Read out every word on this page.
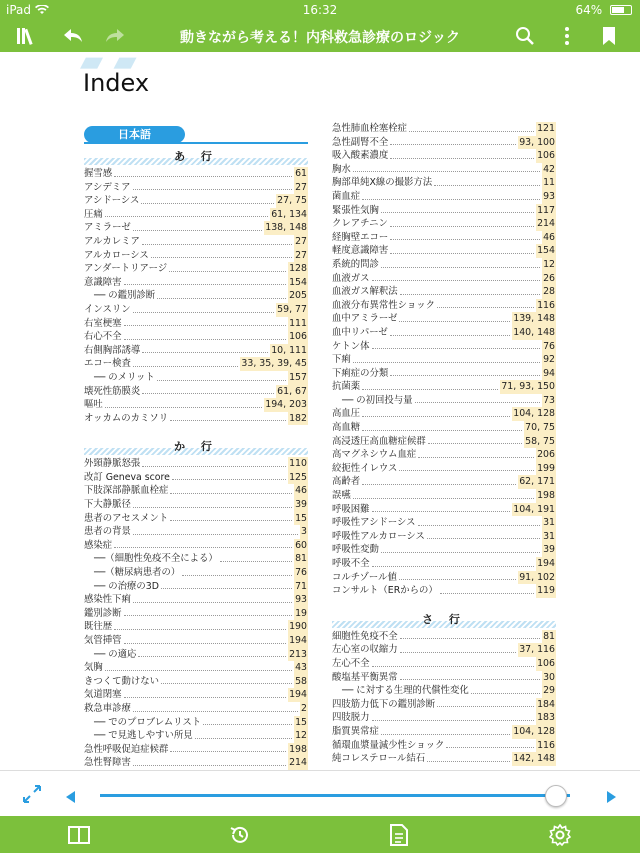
iPad	16:32	64%
動きながら考える！内科救急診療のロジック
▰ ▰
Index
日本語
あ 行
握雪感	61
アシデミア	27
アシドーシス	27, 75
圧痛	61, 134
アミラーゼ	138, 148
アルカレミア	27
アルカローシス	27
アンダートリアージ	128
意識障害	154
── の鑑別診断	205
インスリン	59, 77
右室梗塞	111
右心不全	106
右側胸部誘導	10, 111
エコー検査	33, 35, 39, 45
── のメリット	157
壊死性筋膜炎	61, 67
嘔吐	194, 203
オッカムのカミソリ	182
か 行
外頸静脈怒張	110
改訂 Geneva score	125
下肢深部静脈血栓症	46
下大静脈径	39
患者のアセスメント	15
患者の背景	3
感染症	60
──（細胞性免疫不全による）	81
──（糖尿病患者の）	76
── の治療の3D	71
感染性下痢	93
鑑別診断	19
既往歴	190
気管挿管	194
── の適応	213
気胸	43
きつくて動けない	58
気道閉塞	194
救急車診療	2
── でのプロブレムリスト	15
── で見逃しやすい所見	12
急性呼吸促迫症候群	198
急性腎障害	214
急性肺血栓塞栓症	121
急性副腎不全	93, 100
吸入酸素濃度	106
胸水	42
胸部単純X線の撮影方法	11
菌血症	93
緊張性気胸	117
クレアチニン	214
経胸壁エコー	46
軽度意識障害	154
系統的問診	12
血液ガス	26
血液ガス解釈法	28
血液分布異常性ショック	116
血中アミラーゼ	139, 148
血中リパーゼ	140, 148
ケトン体	76
下痢	92
下痢症の分類	94
抗菌薬	71, 93, 150
── の初回投与量	73
高血圧	104, 128
高血糖	70, 75
高浸透圧高血糖症候群	58, 75
高マグネシウム血症	206
絞扼性イレウス	199
高齢者	62, 171
誤嚥	198
呼吸困難	104, 191
呼吸性アシドーシス	31
呼吸性アルカローシス	31
呼吸性変動	39
呼吸不全	194
コルチゾール値	91, 102
コンサルト（ERからの）	119
さ 行
細胞性免疫不全	81
左心室の収縮力	37, 116
左心不全	106
酸塩基平衡異常	30
── に対する生理的代償性変化	29
四肢筋力低下の鑑別診断	184
四肢脱力	183
脂質異常症	104, 128
循環血漿量減少性ショック	116
純コレステロール結石	142, 148
